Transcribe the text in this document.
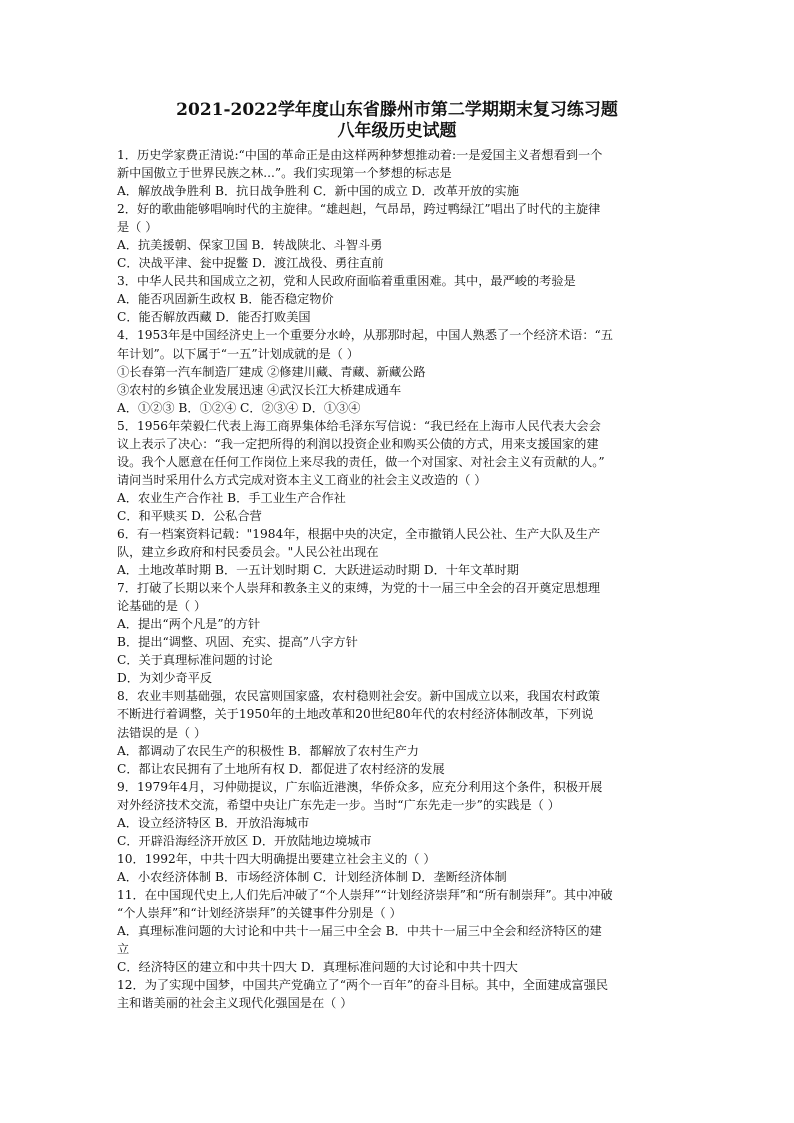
2021-2022学年度山东省滕州市第二学期期末复习练习题
八年级历史试题
1．历史学家费正清说:“中国的革命正是由这样两种梦想推动着:一是爱国主义者想看到一个
新中国傲立于世界民族之林...”。我们实现第一个梦想的标志是
A．解放战争胜利 B．抗日战争胜利 C．新中国的成立 D．改革开放的实施
2．好的歌曲能够唱响时代的主旋律。“雄赳赳，气昂昂，跨过鸭绿江”唱出了时代的主旋律
是（ ）
A．抗美援朝、保家卫国 B．转战陕北、斗智斗勇
C．决战平津、瓮中捉鳖 D．渡江战役、勇往直前
3．中华人民共和国成立之初，党和人民政府面临着重重困难。其中，最严峻的考验是
A．能否巩固新生政权 B．能否稳定物价
C．能否解放西藏 D．能否打败美国
4．1953年是中国经济史上一个重要分水岭，从那那时起，中国人熟悉了一个经济术语：“五
年计划”。以下属于“一五”计划成就的是（ ）
①长春第一汽车制造厂建成 ②修建川藏、青藏、新藏公路
③农村的乡镇企业发展迅速 ④武汉长江大桥建成通车
A．①②③ B．①②④ C．②③④ D．①③④
5．1956年荣毅仁代表上海工商界集体给毛泽东写信说：“我已经在上海市人民代表大会会
议上表示了决心：“我一定把所得的利润以投资企业和购买公债的方式，用来支援国家的建
设。我个人愿意在任何工作岗位上来尽我的责任，做一个对国家、对社会主义有贡献的人。”
请问当时采用什么方式完成对资本主义工商业的社会主义改造的（ ）
A．农业生产合作社 B．手工业生产合作社
C．和平赎买 D．公私合营
6．有一档案资料记载："1984年，根据中央的决定，全市撤销人民公社、生产大队及生产
队，建立乡政府和村民委员会。"人民公社出现在
A．土地改革时期 B．一五计划时期 C．大跃进运动时期 D．十年文革时期
7．打破了长期以来个人崇拜和教条主义的束缚，为党的十一届三中全会的召开奠定思想理
论基础的是（ ）
A．提出“两个凡是”的方针
B．提出“调整、巩固、充实、提高”八字方针
C．关于真理标准问题的讨论
D．为刘少奇平反
8．农业丰则基础强，农民富则国家盛，农村稳则社会安。新中国成立以来，我国农村政策
不断进行着调整，关于1950年的土地改革和20世纪80年代的农村经济体制改革，下列说
法错误的是（ ）
A．都调动了农民生产的积极性 B．都解放了农村生产力
C．都让农民拥有了土地所有权 D．都促进了农村经济的发展
9．1979年4月，习仲勋提议，广东临近港澳，华侨众多，应充分利用这个条件，积极开展
对外经济技术交流，希望中央让广东先走一步。当时“广东先走一步”的实践是（ ）
A．设立经济特区 B．开放沿海城市
C．开辟沿海经济开放区 D．开放陆地边境城市
10．1992年，中共十四大明确提出要建立社会主义的（ ）
A．小农经济体制 B．市场经济体制 C．计划经济体制 D．垄断经济体制
11．在中国现代史上,人们先后冲破了“个人崇拜”“计划经济崇拜”和“所有制崇拜”。其中冲破
“个人崇拜”和“计划经济崇拜”的关键事件分别是（ ）
A．真理标准问题的大讨论和中共十一届三中全会 B．中共十一届三中全会和经济特区的建
立
C．经济特区的建立和中共十四大 D．真理标准问题的大讨论和中共十四大
12．为了实现中国梦，中国共产党确立了“两个一百年”的奋斗目标。其中，全面建成富强民
主和谐美丽的社会主义现代化强国是在（ ）
